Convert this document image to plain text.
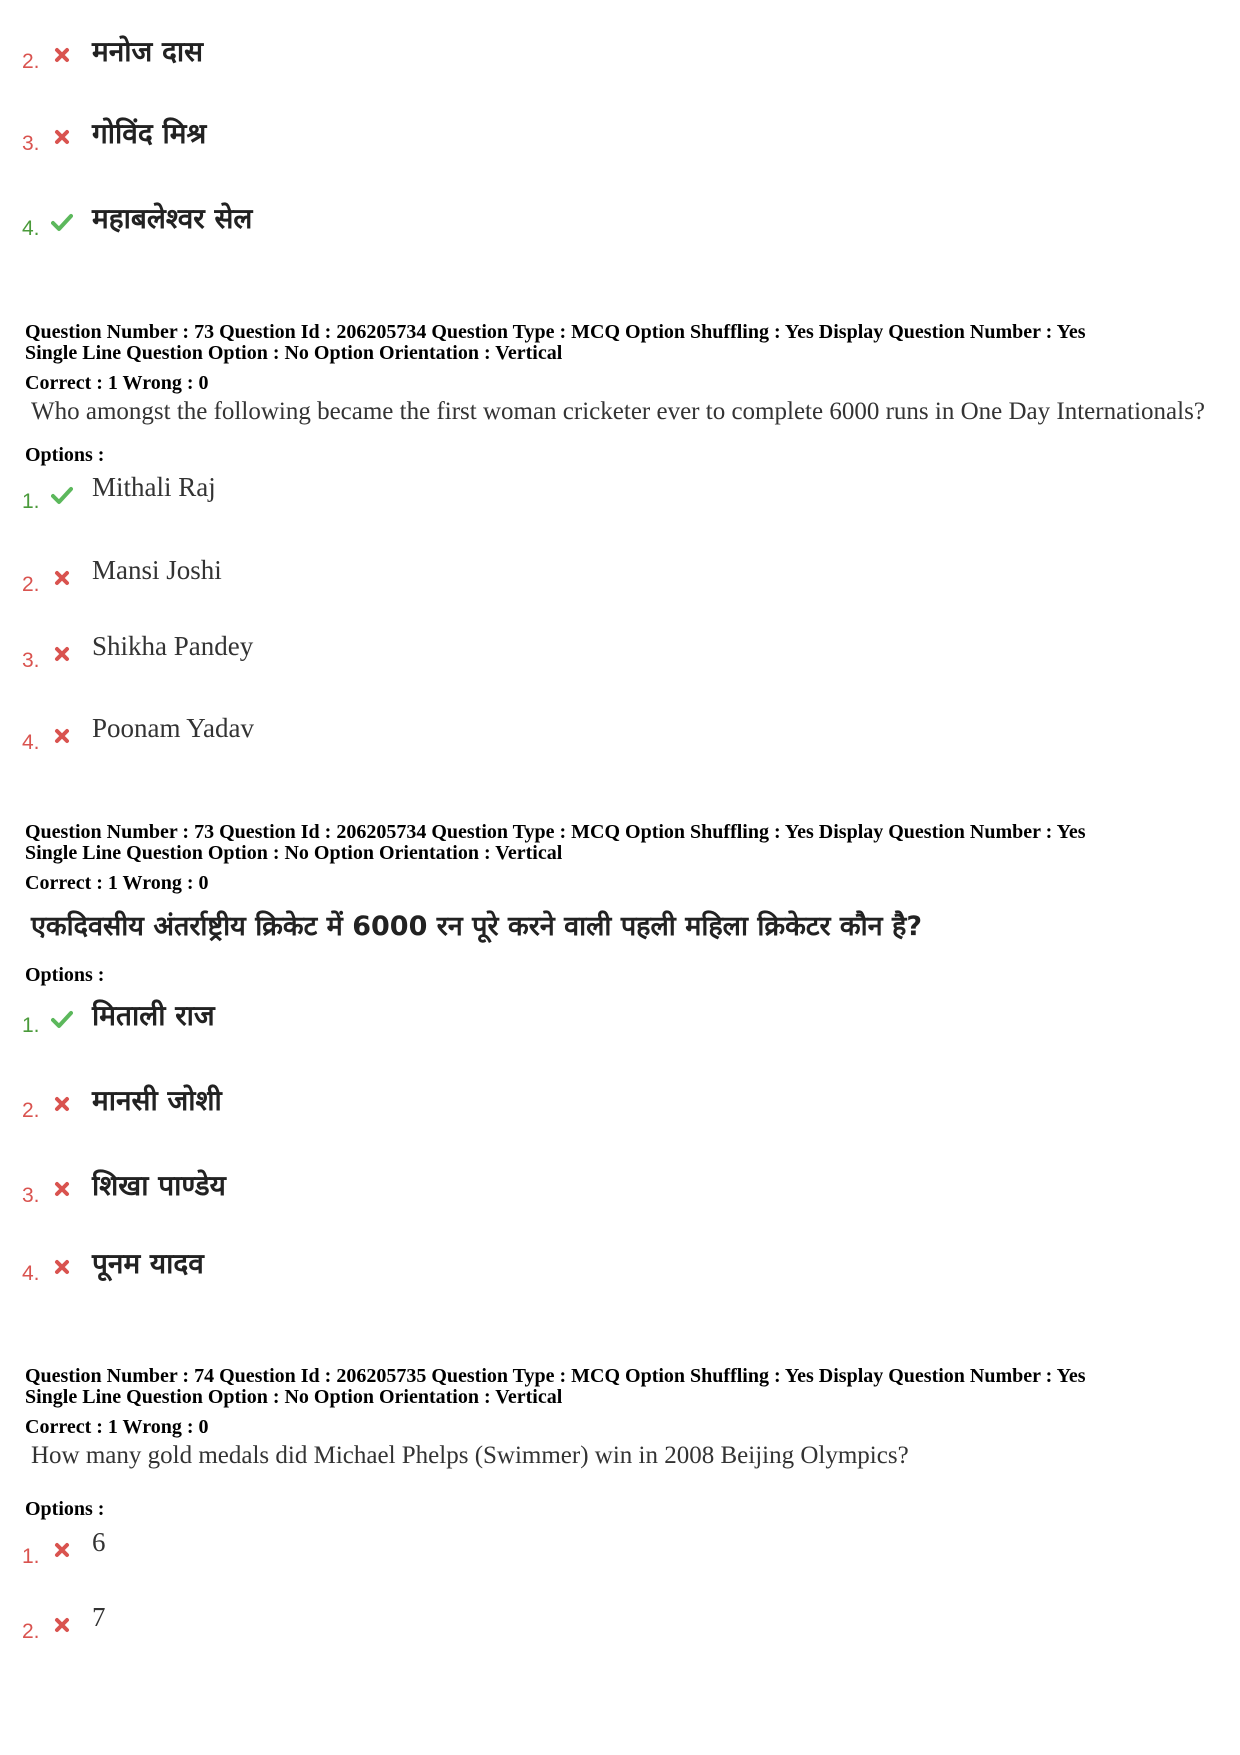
2. मनोज दास
3. गोविंद मिश्र
4. महाबलेश्वर सेल
Question Number : 73 Question Id : 206205734 Question Type : MCQ Option Shuffling : Yes Display Question Number : Yes
Single Line Question Option : No Option Orientation : Vertical
Correct : 1 Wrong : 0
Who amongst the following became the first woman cricketer ever to complete 6000 runs in One Day Internationals?
Options :
1. Mithali Raj
2. Mansi Joshi
3. Shikha Pandey
4. Poonam Yadav
Question Number : 73 Question Id : 206205734 Question Type : MCQ Option Shuffling : Yes Display Question Number : Yes
Single Line Question Option : No Option Orientation : Vertical
Correct : 1 Wrong : 0
एकदिवसीय अंतर्राष्ट्रीय क्रिकेट में 6000 रन पूरे करने वाली पहली महिला क्रिकेटर कौन है?
Options :
1. मिताली राज
2. मानसी जोशी
3. शिखा पाण्डेय
4. पूनम यादव
Question Number : 74 Question Id : 206205735 Question Type : MCQ Option Shuffling : Yes Display Question Number : Yes
Single Line Question Option : No Option Orientation : Vertical
Correct : 1 Wrong : 0
How many gold medals did Michael Phelps (Swimmer) win in 2008 Beijing Olympics?
Options :
1. 6
2. 7
